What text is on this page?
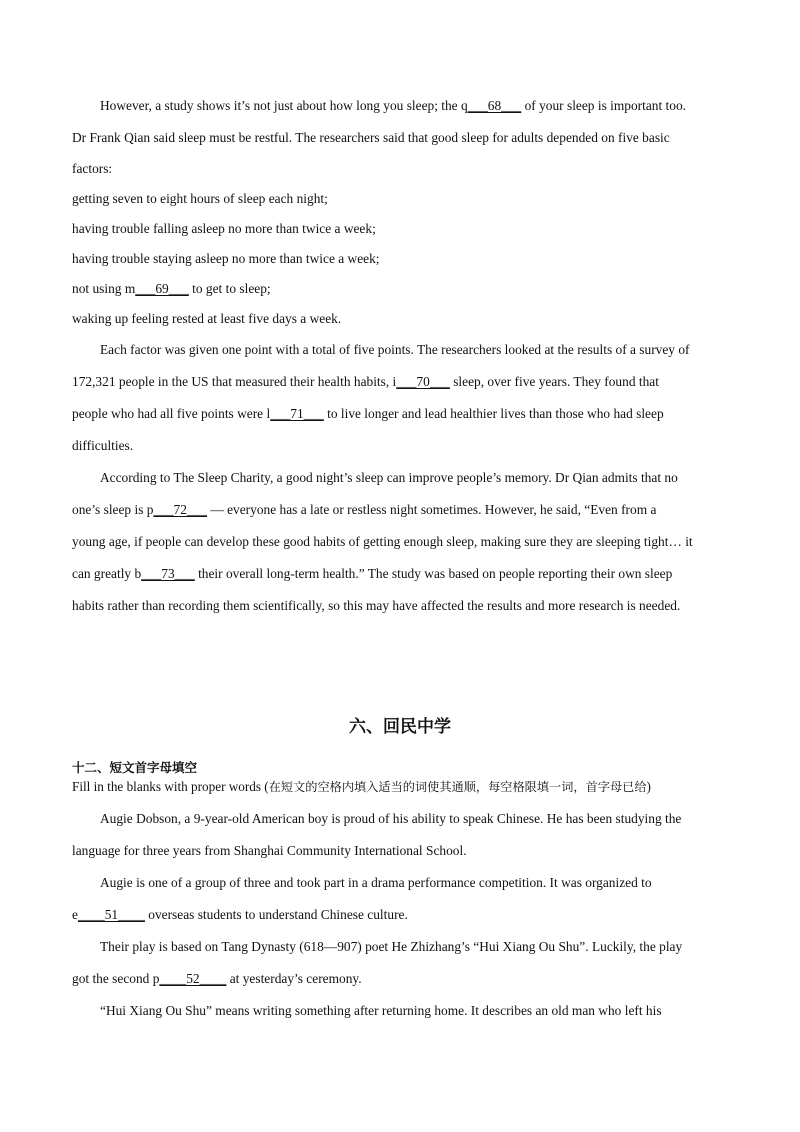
However, a study shows it’s not just about how long you sleep; the q___68___ of your sleep is important too.
Dr Frank Qian said sleep must be restful. The researchers said that good sleep for adults depended on five basic
factors:
getting seven to eight hours of sleep each night;
having trouble falling asleep no more than twice a week;
having trouble staying asleep no more than twice a week;
not using m___69___ to get to sleep;
waking up feeling rested at least five days a week.
Each factor was given one point with a total of five points. The researchers looked at the results of a survey of
172,321 people in the US that measured their health habits, i___70___ sleep, over five years. They found that
people who had all five points were l___71___ to live longer and lead healthier lives than those who had sleep
difficulties.
According to The Sleep Charity, a good night’s sleep can improve people’s memory. Dr Qian admits that no
one’s sleep is p___72___ — everyone has a late or restless night sometimes. However, he said, “Even from a
young age, if people can develop these good habits of getting enough sleep, making sure they are sleeping tight… it
can greatly b___73___ their overall long-term health.” The study was based on people reporting their own sleep
habits rather than recording them scientifically, so this may have affected the results and more research is needed.
六、回民中学
十二、短文首字母填空
Fill in the blanks with proper words (在短文的空格内填入适当的词使其通顺，每空格限填一词，首字母已给)
Augie Dobson, a 9-year-old American boy is proud of his ability to speak Chinese. He has been studying the
language for three years from Shanghai Community International School.
Augie is one of a group of three and took part in a drama performance competition. It was organized to
e____51____ overseas students to understand Chinese culture.
Their play is based on Tang Dynasty (618—907) poet He Zhizhang’s “Hui Xiang Ou Shu”. Luckily, the play
got the second p____52____ at yesterday’s ceremony.
“Hui Xiang Ou Shu” means writing something after returning home. It describes an old man who left his
